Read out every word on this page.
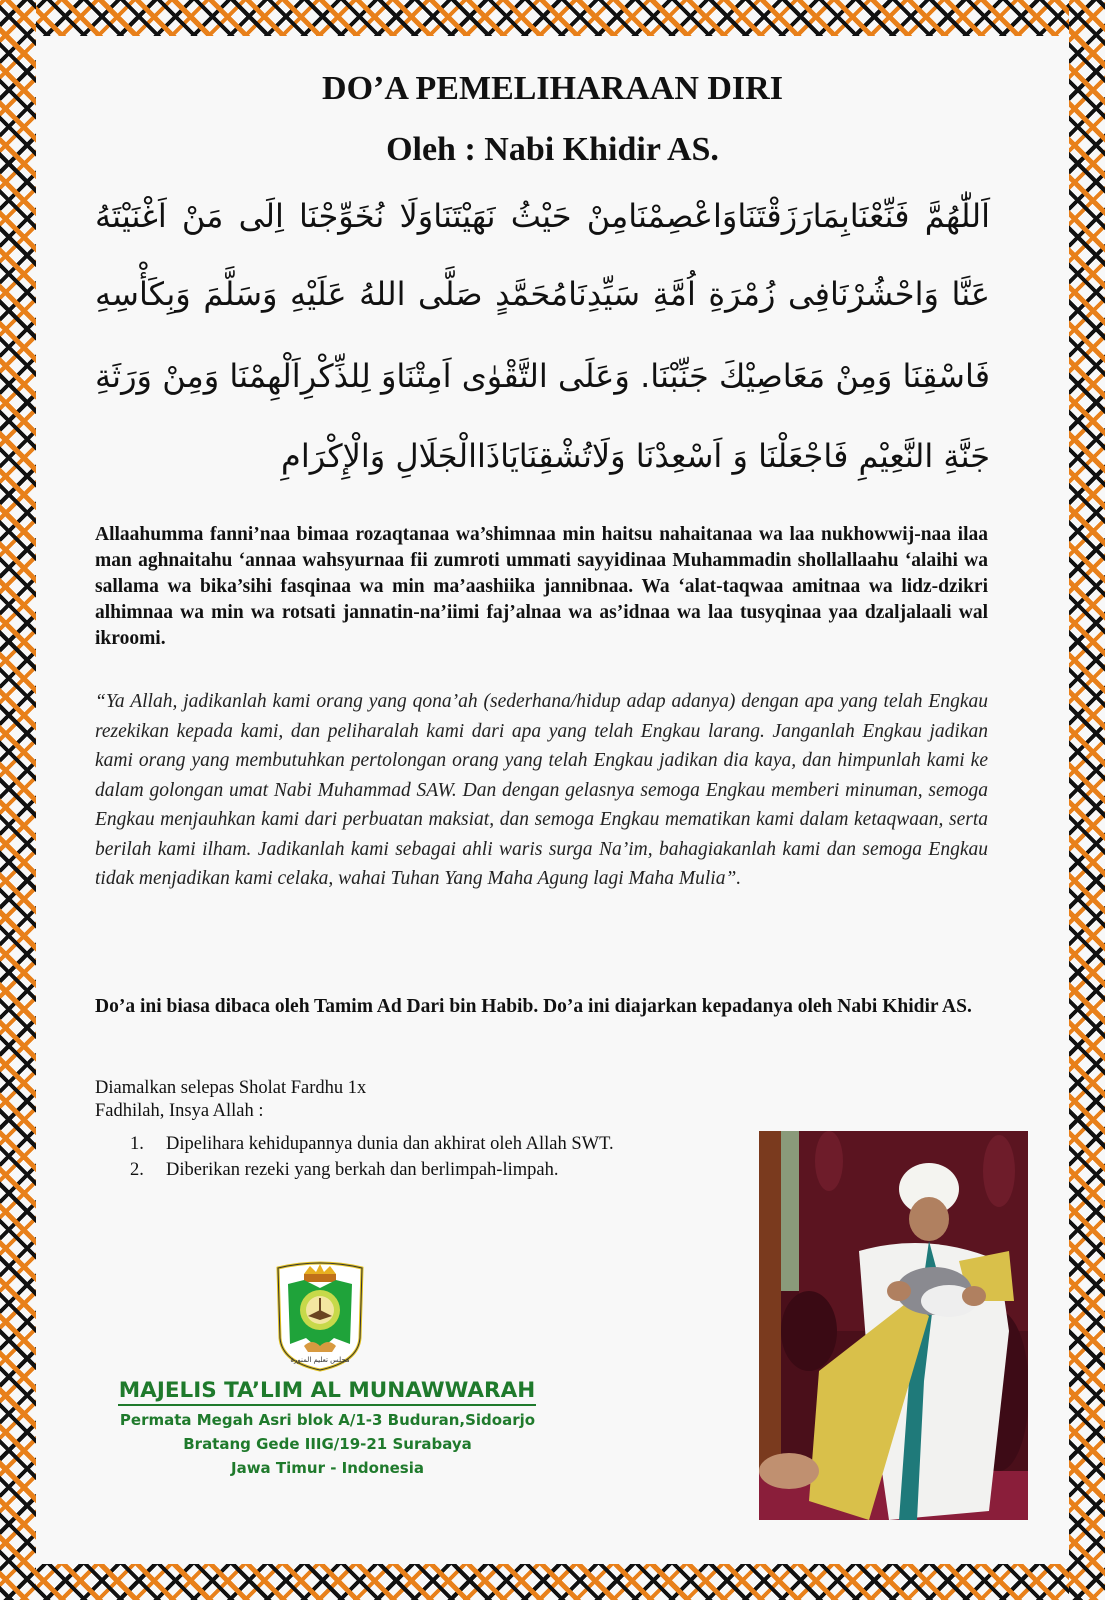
DO’A PEMELIHARAAN DIRI
Oleh : Nabi Khidir AS.
اَللّٰهُمَّ فَنِّعْنَابِمَارَزَقْتَنَاوَاعْصِمْنَامِنْ حَيْثُ نَهَيْتَنَاوَلَا نُخَوِّجْنَا اِلَى مَنْ اَغْنَيْتَهُ
عَنَّا وَاحْشُرْنَافِى زُمْرَةِ اُمَّةِ سَيِّدِنَامُحَمَّدٍ صَلَّى اللهُ عَلَيْهِ وَسَلَّمَ وَبِكَأْسِهِ
فَاسْقِنَا وَمِنْ مَعَاصِيْكَ جَنِّبْنَا. وَعَلَى التَّقْوٰى اَمِتْنَاوَ لِلذِّكْرِاَلْهِمْنَا وَمِنْ وَرَثَةِ
جَنَّةِ النَّعِيْمِ فَاجْعَلْنَا وَ اَسْعِدْنَا وَلَاتُشْقِنَايَاذَاالْجَلَالِ وَالْإِكْرَامِ

Allaahumma fanni’naa bimaa rozaqtanaa wa’shimnaa min haitsu nahaitanaa wa laa nukhowwij-naa ilaa man aghnaitahu ‘annaa wahsyurnaa fii zumroti ummati sayyidinaa Muhammadin shollallaahu ‘alaihi wa sallama wa bika’sihi fasqinaa wa min ma’aashiika jannibnaa. Wa ‘alat-taqwaa amitnaa wa lidz-dzikri alhimnaa wa min wa rotsati jannatin-na’iimi faj’alnaa wa as’idnaa wa laa tusyqinaa yaa dzaljalaali wal ikroomi.

“Ya Allah, jadikanlah kami orang yang qona’ah (sederhana/hidup adap adanya) dengan apa yang telah Engkau rezekikan kepada kami, dan peliharalah kami dari apa yang telah Engkau larang. Janganlah Engkau jadikan kami orang yang membutuhkan pertolongan orang yang telah Engkau jadikan dia kaya, dan himpunlah kami ke dalam golongan umat Nabi Muhammad SAW. Dan dengan gelasnya semoga Engkau memberi minuman, semoga Engkau menjauhkan kami dari perbuatan maksiat, dan semoga Engkau mematikan kami dalam ketaqwaan, serta berilah kami ilham. Jadikanlah kami sebagai ahli waris surga Na’im, bahagiakanlah kami dan semoga Engkau tidak menjadikan kami celaka, wahai Tuhan Yang Maha Agung lagi Maha Mulia”.

Do’a ini biasa dibaca oleh Tamim Ad Dari bin Habib. Do’a ini diajarkan kepadanya oleh Nabi Khidir AS.

Diamalkan selepas Sholat Fardhu 1x
Fadhilah, Insya Allah :
1.	Dipelihara kehidupannya dunia dan akhirat oleh Allah SWT.
2.	Diberikan rezeki yang berkah dan berlimpah-limpah.
مجلس تعليم المنورة
MAJELIS TA’LIM AL MUNAWWARAH
Permata Megah Asri blok A/1-3 Buduran,Sidoarjo
Bratang Gede IIIG/19-21 Surabaya
Jawa Timur - Indonesia
